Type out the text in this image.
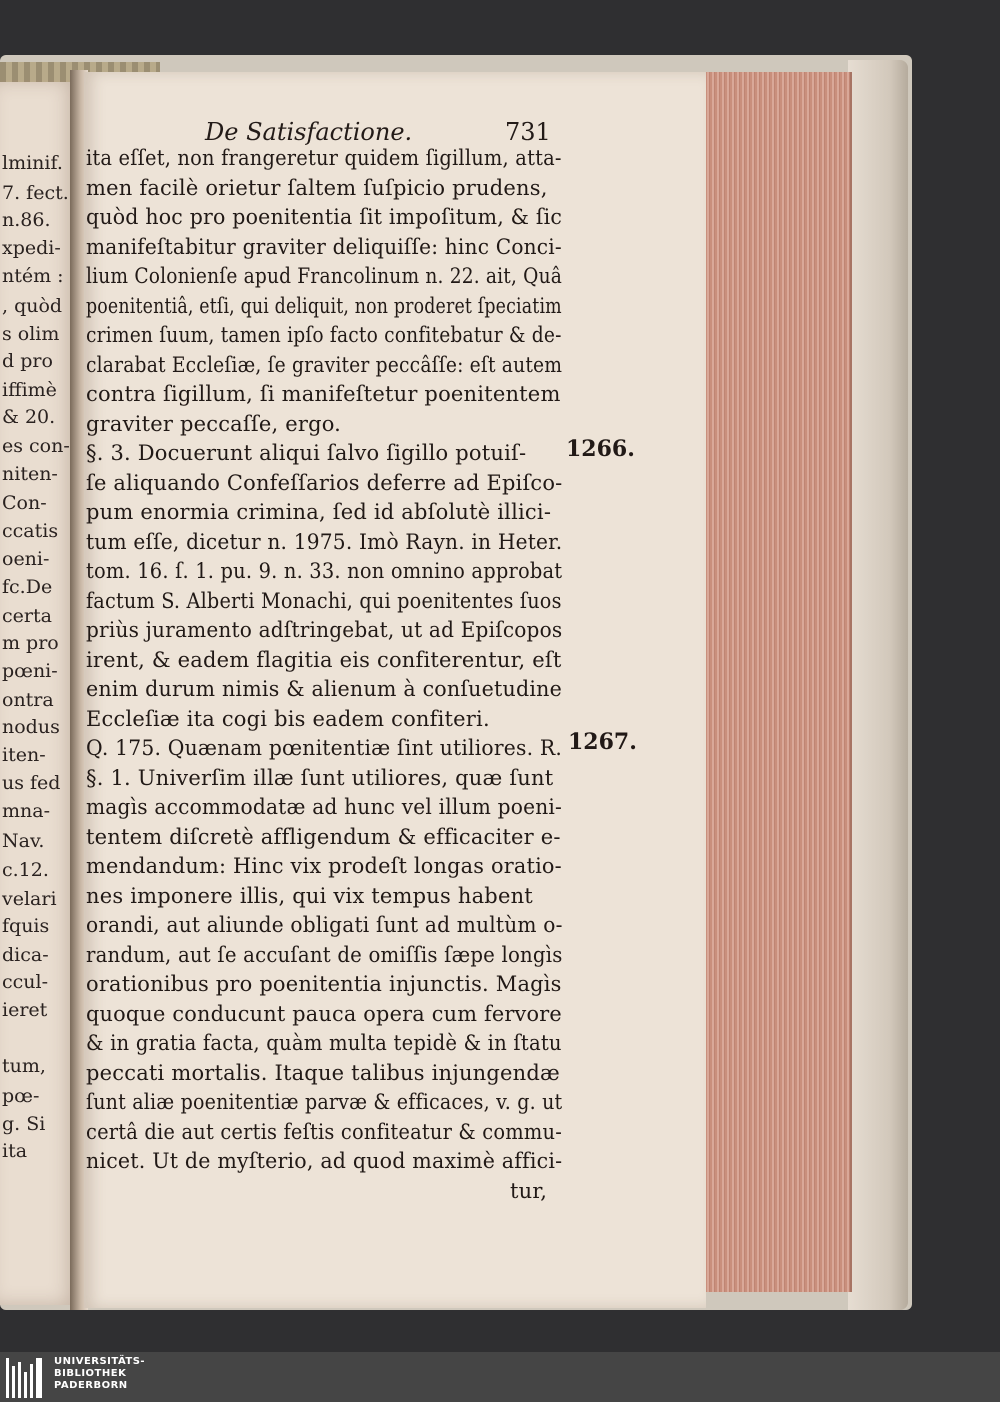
lminif.
7. fect.
n.86.
xpedi-
ntém :
, quòd
s olim
d pro
iffimè
& 20.
es con-
niten-
Con-
ccatis
oeni-
fc.De
certa
m pro
pœni-
ontra
nodus
iten-
us fed
mna-
Nav.
c.12.
velari
fquis
dica-
ccul-
ieret
tum,
pœ-
g. Si
ita
De Satisfactione.	731
ita eſſet, non frangeretur quidem ſigillum, atta-
men facilè orietur ſaltem ſuſpicio prudens,
quòd hoc pro poenitentia ſit impoſitum, & ſic
manifeſtabitur graviter deliquiſſe: hinc Conci-
lium Colonienſe apud Francolinum n. 22. ait, Quâ
poenitentiâ, etſi, qui deliquit, non proderet ſpeciatim
crimen ſuum, tamen ipſo facto confitebatur & de-
clarabat Eccleſiæ, ſe graviter peccâſſe: eſt autem
contra ſigillum, ſi manifeſtetur poenitentem
graviter peccaſſe, ergo.
§. 3. Docuerunt aliqui ſalvo ſigillo potuiſ-
ſe aliquando Confeſſarios deferre ad Epiſco-
pum enormia crimina, ſed id abſolutè illici-
tum eſſe, dicetur n. 1975. Imò Rayn. in Heter.
tom. 16. ſ. 1. pu. 9. n. 33. non omnino approbat
factum S. Alberti Monachi, qui poenitentes ſuos
priùs juramento adſtringebat, ut ad Epiſcopos
irent, & eadem flagitia eis confiterentur, eſt
enim durum nimis & alienum à conſuetudine
Eccleſiæ ita cogi bis eadem confiteri.
Q. 175. Quænam pœnitentiæ ſint utiliores. R.
§. 1. Univerſim illæ ſunt utiliores, quæ ſunt
magìs accommodatæ ad hunc vel illum poeni-
tentem diſcretè affligendum & efficaciter e-
mendandum: Hinc vix prodeſt longas oratio-
nes imponere illis, qui vix tempus habent
orandi, aut aliunde obligati ſunt ad multùm o-
randum, aut ſe accuſant de omiſſis ſæpe longìs
orationibus pro poenitentia injunctis. Magìs
quoque conducunt pauca opera cum fervore
& in gratia facta, quàm multa tepidè & in ſtatu
peccati mortalis. Itaque talibus injungendæ
ſunt aliæ poenitentiæ parvæ & efficaces, v. g. ut
certâ die aut certis feſtis confiteatur & commu-
nicet. Ut de myſterio, ad quod maximè affici-
tur,
1266.
1267.
UNIVERSITÄTS-
BIBLIOTHEK
PADERBORN
